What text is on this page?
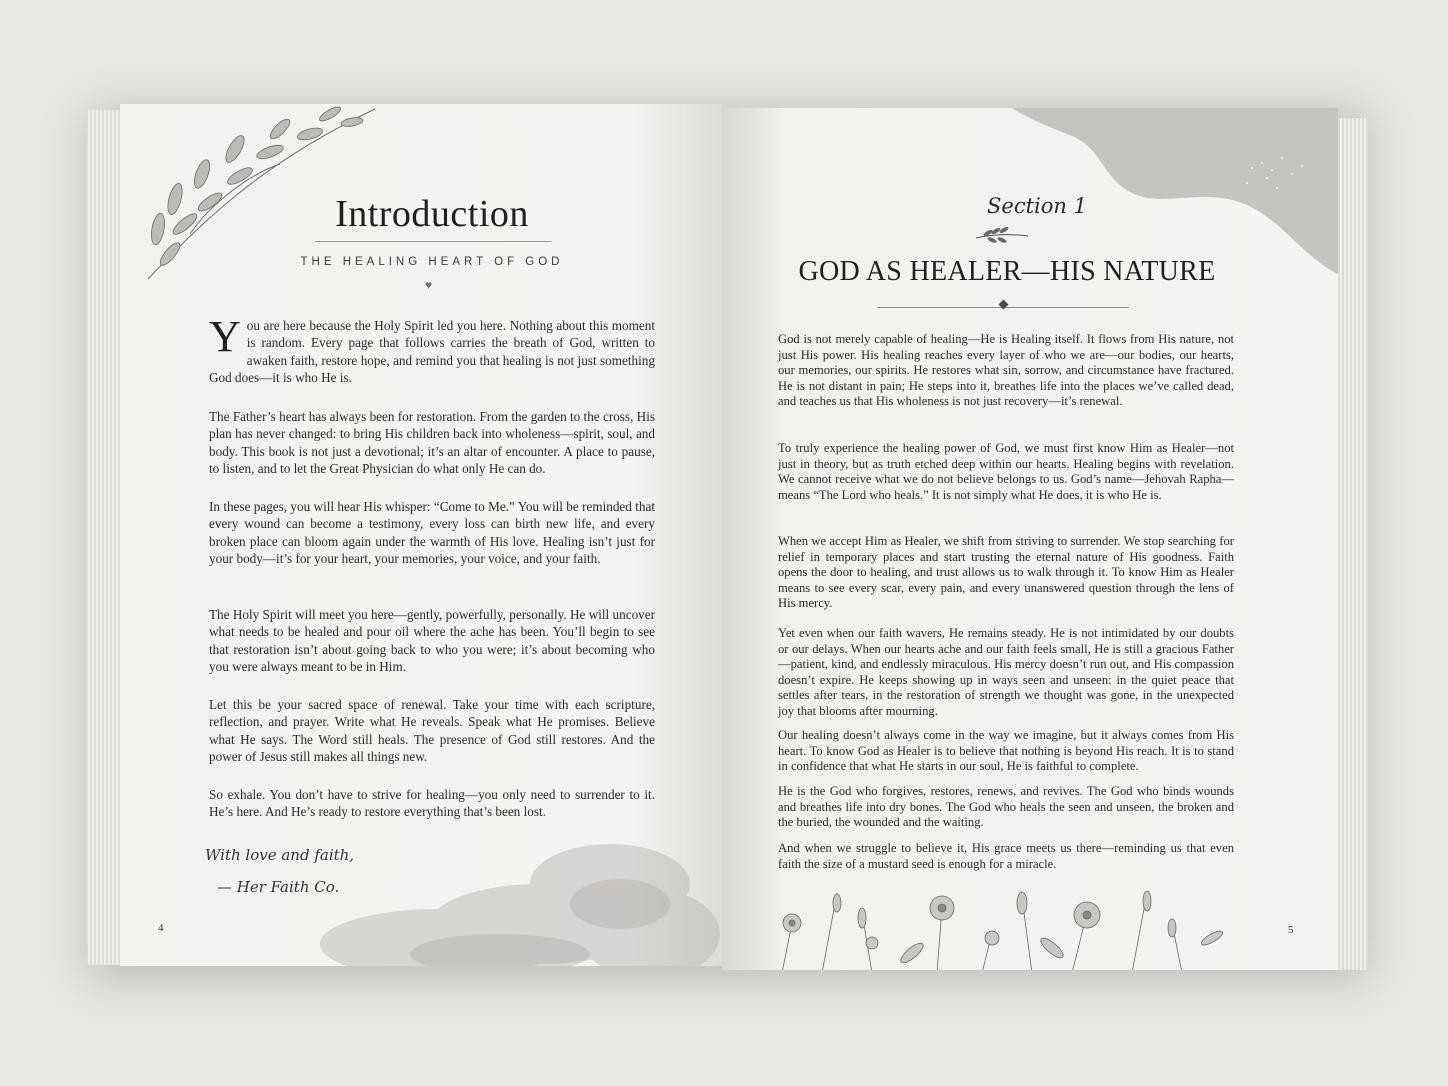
Introduction
THE HEALING HEART OF GOD
♥

You are here because the Holy Spirit led you here. Nothing about this moment is random. Every page that follows carries the breath of God, written to awaken faith, restore hope, and remind you that healing is not just something God does—it is who He is.

The Father’s heart has always been for restoration. From the garden to the cross, His plan has never changed: to bring His children back into wholeness—spirit, soul, and body. This book is not just a devotional; it’s an altar of encounter. A place to pause, to listen, and to let the Great Physician do what only He can do.

In these pages, you will hear His whisper: “Come to Me.” You will be reminded that every wound can become a testimony, every loss can birth new life, and every broken place can bloom again under the warmth of His love. Healing isn’t just for your body—it’s for your heart, your memories, your voice, and your faith.

The Holy Spirit will meet you here—gently, powerfully, personally. He will uncover what needs to be healed and pour oil where the ache has been. You’ll begin to see that restoration isn’t about going back to who you were; it’s about becoming who you were always meant to be in Him.

Let this be your sacred space of renewal. Take your time with each scripture, reflection, and prayer. Write what He reveals. Speak what He promises. Believe what He says. The Word still heals. The presence of God still restores. And the power of Jesus still makes all things new.

So exhale. You don’t have to strive for healing—you only need to surrender to it. He’s here. And He’s ready to restore everything that’s been lost.

With love and faith,
— Her Faith Co.
4
Section 1
GOD AS HEALER—HIS NATURE

God is not merely capable of healing—He is Healing itself. It flows from His nature, not just His power. His healing reaches every layer of who we are—our bodies, our hearts, our memories, our spirits. He restores what sin, sorrow, and circumstance have fractured. He is not distant in pain; He steps into it, breathes life into the places we’ve called dead, and teaches us that His wholeness is not just recovery—it’s renewal.

To truly experience the healing power of God, we must first know Him as Healer—not just in theory, but as truth etched deep within our hearts. Healing begins with revelation. We cannot receive what we do not believe belongs to us. God’s name—Jehovah Rapha—means “The Lord who heals.” It is not simply what He does, it is who He is.

When we accept Him as Healer, we shift from striving to surrender. We stop searching for relief in temporary places and start trusting the eternal nature of His goodness. Faith opens the door to healing, and trust allows us to walk through it. To know Him as Healer means to see every scar, every pain, and every unanswered question through the lens of His mercy.

Yet even when our faith wavers, He remains steady. He is not intimidated by our doubts or our delays. When our hearts ache and our faith feels small, He is still a gracious Father—patient, kind, and endlessly miraculous. His mercy doesn’t run out, and His compassion doesn’t expire. He keeps showing up in ways seen and unseen: in the quiet peace that settles after tears, in the restoration of strength we thought was gone, in the unexpected joy that blooms after mourning.

Our healing doesn’t always come in the way we imagine, but it always comes from His heart. To know God as Healer is to believe that nothing is beyond His reach. It is to stand in confidence that what He starts in our soul, He is faithful to complete.

He is the God who forgives, restores, renews, and revives. The God who binds wounds and breathes life into dry bones. The God who heals the seen and unseen, the broken and the buried, the wounded and the waiting.

And when we struggle to believe it, His grace meets us there—reminding us that even faith the size of a mustard seed is enough for a miracle.

5
